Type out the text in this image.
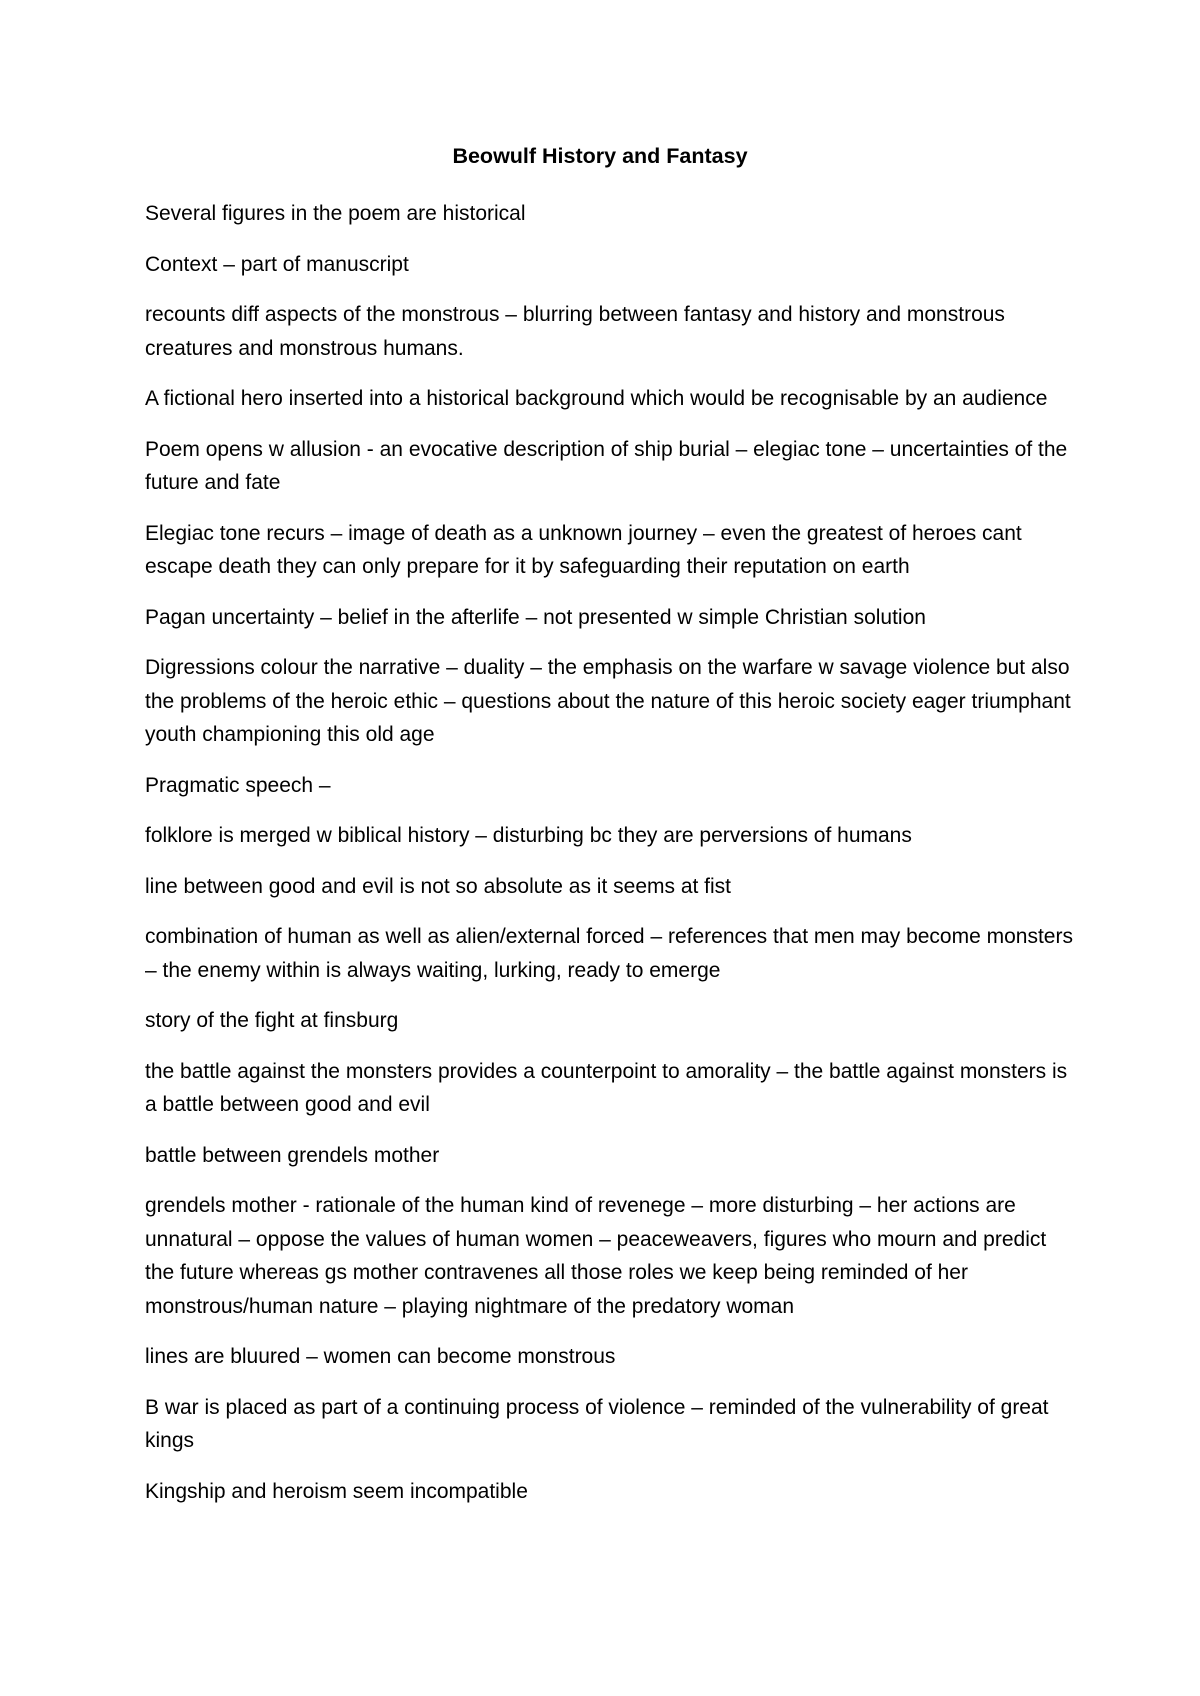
Beowulf History and Fantasy

Several figures in the poem are historical

Context – part of manuscript

recounts diff aspects of the monstrous – blurring between fantasy and history and monstrous creatures and monstrous humans.

A fictional hero inserted into a historical background which would be recognisable by an audience

Poem opens w allusion - an evocative description of ship burial – elegiac tone – uncertainties of the future and fate

Elegiac tone recurs – image of death as a unknown journey – even the greatest of heroes cant escape death they can only prepare for it by safeguarding their reputation on earth

Pagan uncertainty – belief in the afterlife – not presented w simple Christian solution

Digressions colour the narrative – duality – the emphasis on the warfare w savage violence but also the problems of the heroic ethic – questions about the nature of this heroic society eager triumphant youth championing this old age

Pragmatic speech –

folklore is merged w biblical history – disturbing bc they are perversions of humans

line between good and evil is not so absolute as it seems at fist

combination of human as well as alien/external forced – references that men may become monsters – the enemy within is always waiting, lurking, ready to emerge

story of the fight at finsburg

the battle against the monsters provides a counterpoint to amorality – the battle against monsters is a battle between good and evil

battle between grendels mother

grendels mother - rationale of the human kind of revenege – more disturbing – her actions are unnatural – oppose the values of human women – peaceweavers, figures who mourn and predict the future whereas gs mother contravenes all those roles we keep being reminded of her monstrous/human nature – playing nightmare of the predatory woman

lines are bluured – women can become monstrous

B war is placed as part of a continuing process of violence – reminded of the vulnerability of great kings

Kingship and heroism seem incompatible
